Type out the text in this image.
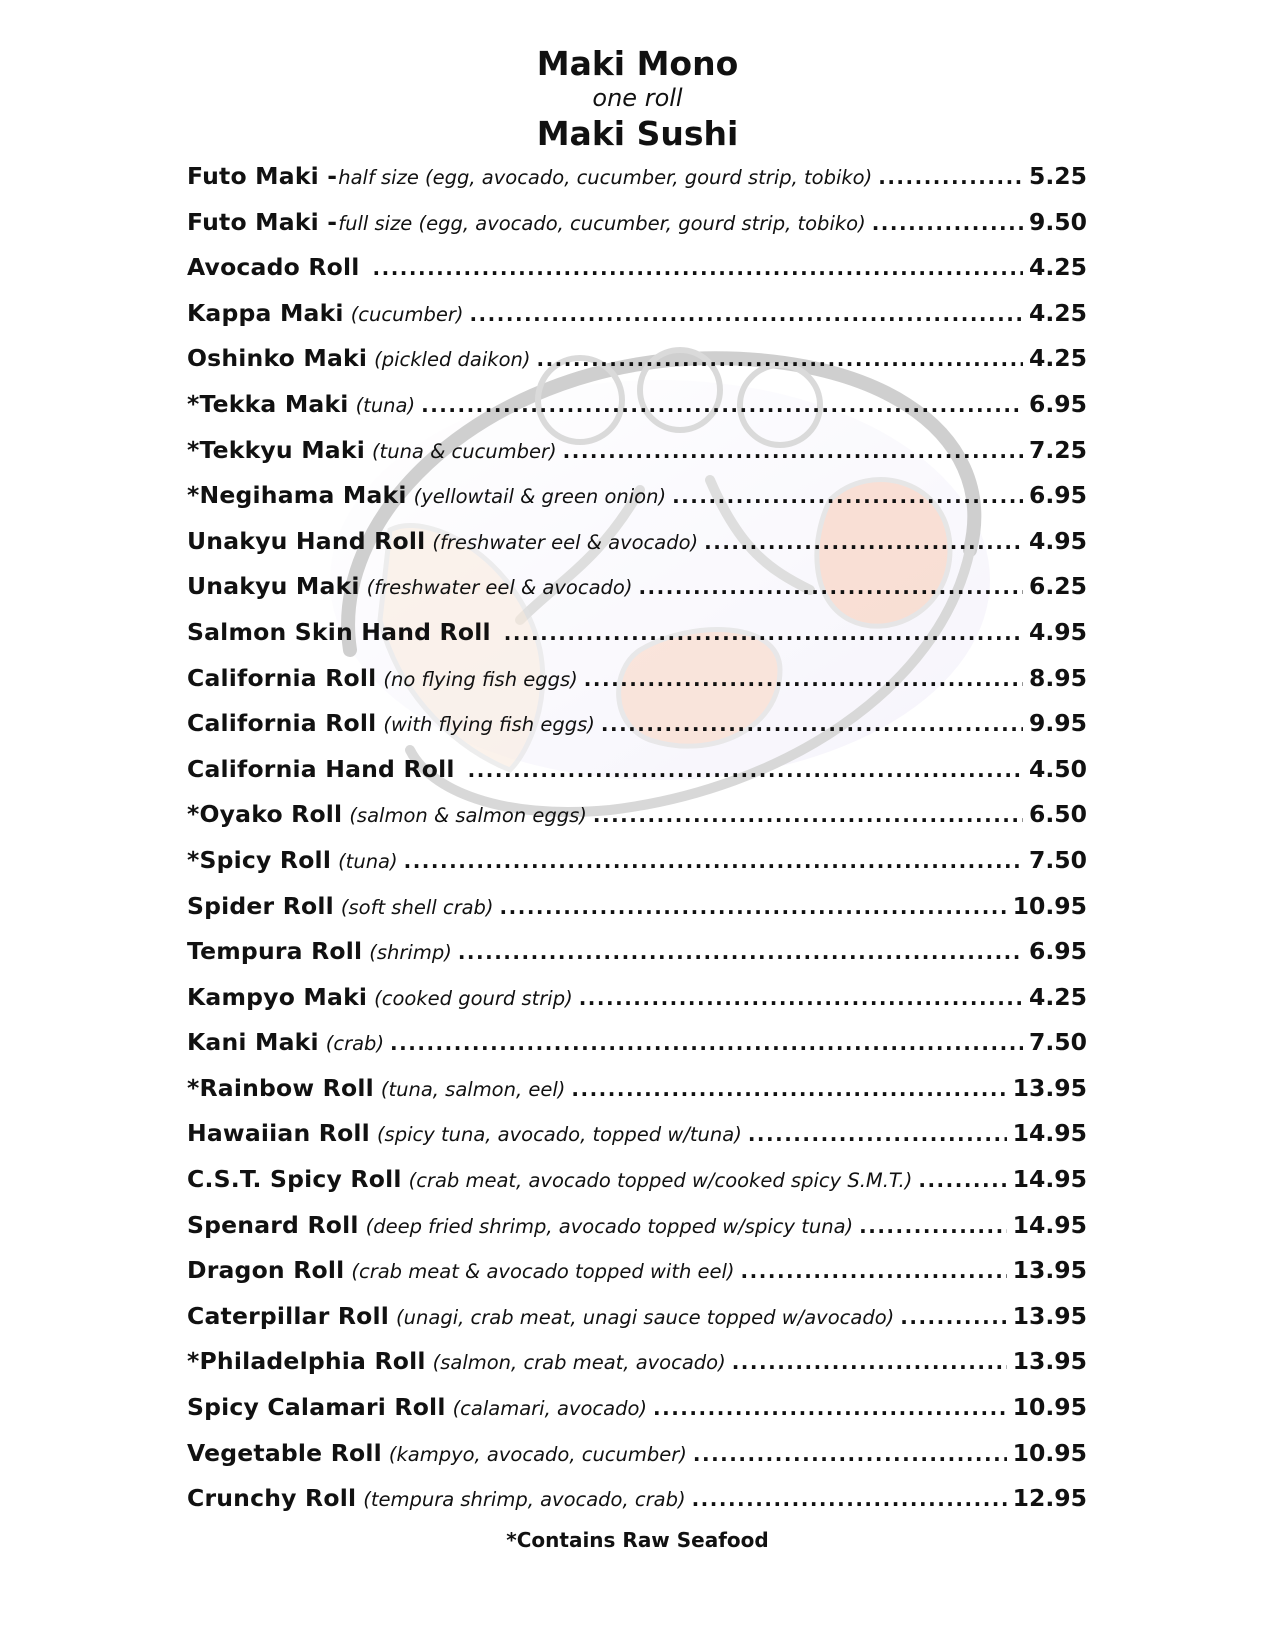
Maki Mono
one roll
Maki Sushi
Futo Maki - half size (egg, avocado, cucumber, gourd strip, tobiko) .....	5.25
Futo Maki - full size (egg, avocado, cucumber, gourd strip, tobiko) .....	9.50
Avocado Roll .....	4.25
Kappa Maki (cucumber) .....	4.25
Oshinko Maki (pickled daikon) .....	4.25
*Tekka Maki (tuna) .....	6.95
*Tekkyu Maki (tuna & cucumber) .....	7.25
*Negihama Maki (yellowtail & green onion) .....	6.95
Unakyu Hand Roll (freshwater eel & avocado) .....	4.95
Unakyu Maki (freshwater eel & avocado) .....	6.25
Salmon Skin Hand Roll .....	4.95
California Roll (no flying fish eggs) .....	8.95
California Roll (with flying fish eggs) .....	9.95
California Hand Roll .....	4.50
*Oyako Roll (salmon & salmon eggs) .....	6.50
*Spicy Roll (tuna) .....	7.50
Spider Roll (soft shell crab) .....	10.95
Tempura Roll (shrimp) .....	6.95
Kampyo Maki (cooked gourd strip) .....	4.25
Kani Maki (crab) .....	7.50
*Rainbow Roll (tuna, salmon, eel) .....	13.95
Hawaiian Roll (spicy tuna, avocado, topped w/tuna) .....	14.95
C.S.T. Spicy Roll (crab meat, avocado topped w/cooked spicy S.M.T.) .....	14.95
Spenard Roll (deep fried shrimp, avocado topped w/spicy tuna) .....	14.95
Dragon Roll (crab meat & avocado topped with eel) .....	13.95
Caterpillar Roll (unagi, crab meat, unagi sauce topped w/avocado) .....	13.95
*Philadelphia Roll (salmon, crab meat, avocado) .....	13.95
Spicy Calamari Roll (calamari, avocado) .....	10.95
Vegetable Roll (kampyo, avocado, cucumber) .....	10.95
Crunchy Roll (tempura shrimp, avocado, crab) .....	12.95
*Contains Raw Seafood
